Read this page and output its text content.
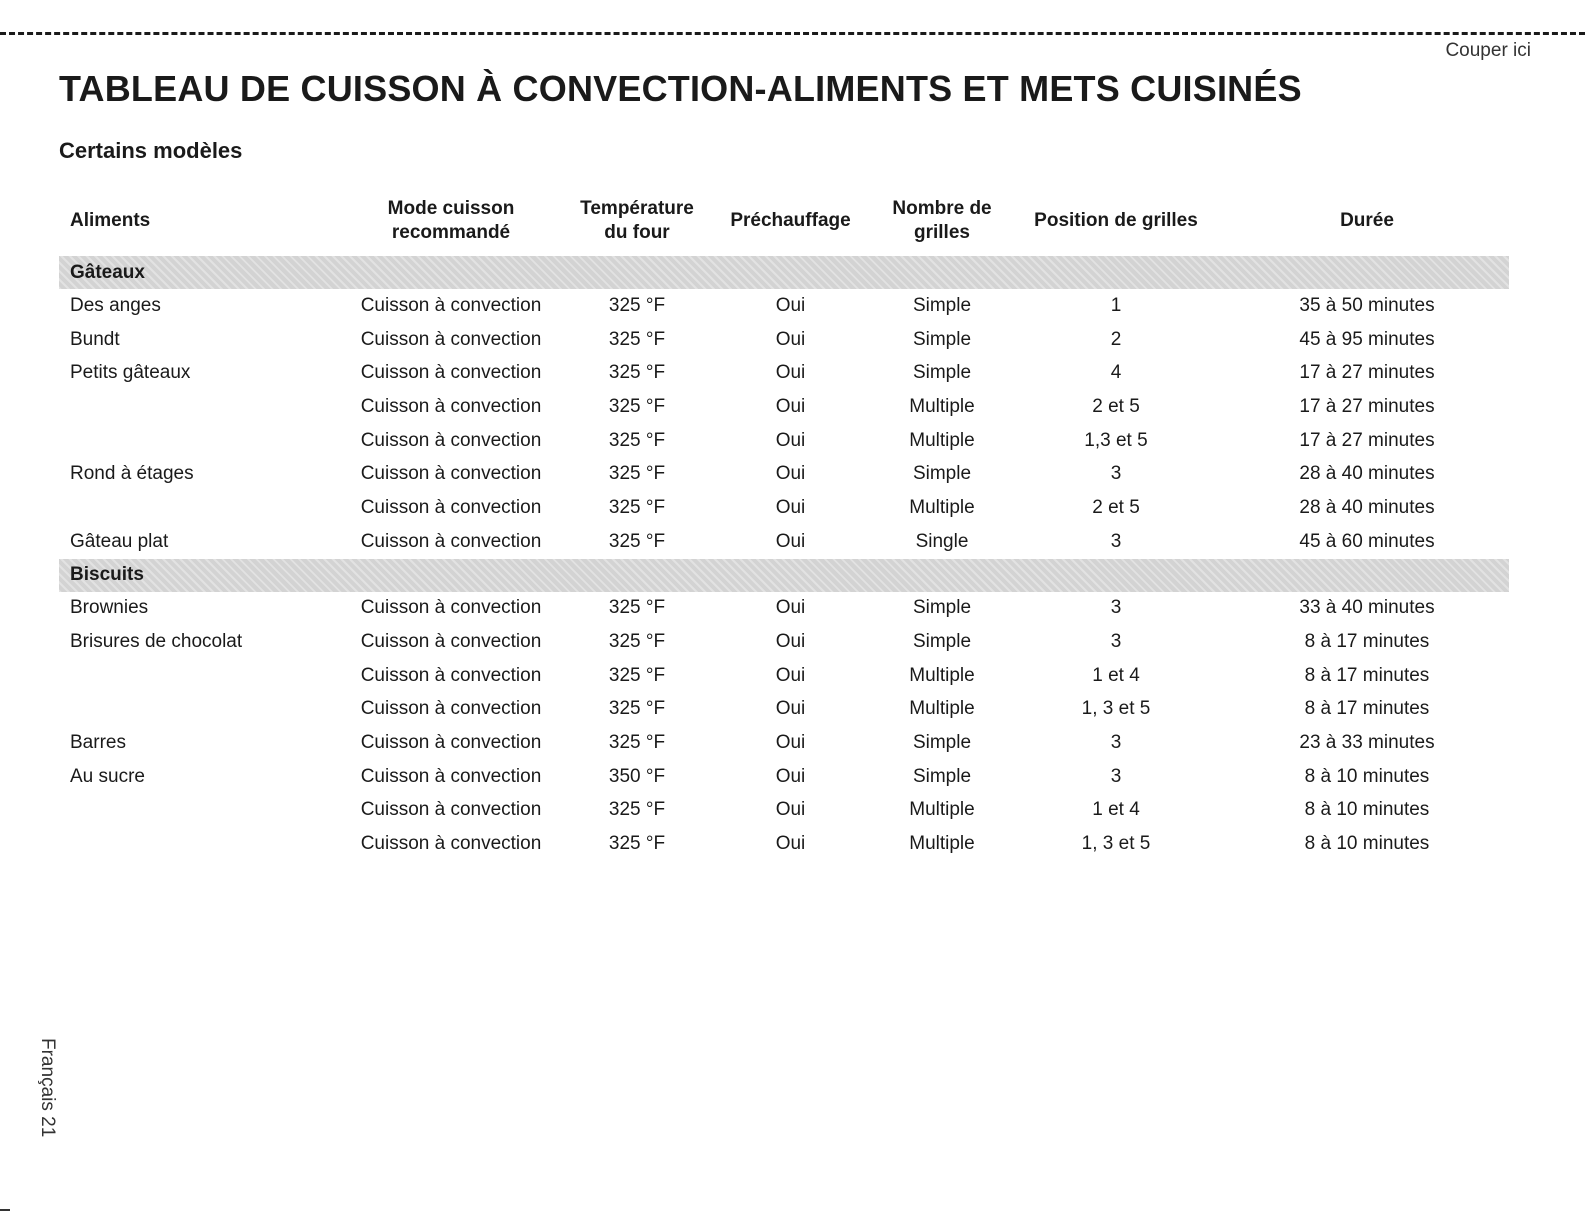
Couper ici
TABLEAU DE CUISSON À CONVECTION-ALIMENTS ET METS CUISINÉS
Certains modèles
Aliments	Mode cuisson recommandé	Température du four	Préchauffage	Nombre de grilles	Position de grilles	Durée
Gâteaux						
Des anges	Cuisson à convection	325 °F	Oui	Simple	1	35 à 50 minutes
Bundt	Cuisson à convection	325 °F	Oui	Simple	2	45 à 95 minutes
Petits gâteaux	Cuisson à convection	325 °F	Oui	Simple	4	17 à 27 minutes
	Cuisson à convection	325 °F	Oui	Multiple	2 et 5	17 à 27 minutes
	Cuisson à convection	325 °F	Oui	Multiple	1,3 et 5	17 à 27 minutes
Rond à étages	Cuisson à convection	325 °F	Oui	Simple	3	28 à 40 minutes
	Cuisson à convection	325 °F	Oui	Multiple	2 et 5	28 à 40 minutes
Gâteau plat	Cuisson à convection	325 °F	Oui	Single	3	45 à 60 minutes
Biscuits						
Brownies	Cuisson à convection	325 °F	Oui	Simple	3	33 à 40 minutes
Brisures de chocolat	Cuisson à convection	325 °F	Oui	Simple	3	8 à 17 minutes
	Cuisson à convection	325 °F	Oui	Multiple	1 et 4	8 à 17 minutes
	Cuisson à convection	325 °F	Oui	Multiple	1, 3 et 5	8 à 17 minutes
Barres	Cuisson à convection	325 °F	Oui	Simple	3	23 à 33 minutes
Au sucre	Cuisson à convection	350 °F	Oui	Simple	3	8 à 10 minutes
	Cuisson à convection	325 °F	Oui	Multiple	1 et 4	8 à 10 minutes
	Cuisson à convection	325 °F	Oui	Multiple	1, 3 et 5	8 à 10 minutes
Français 21
